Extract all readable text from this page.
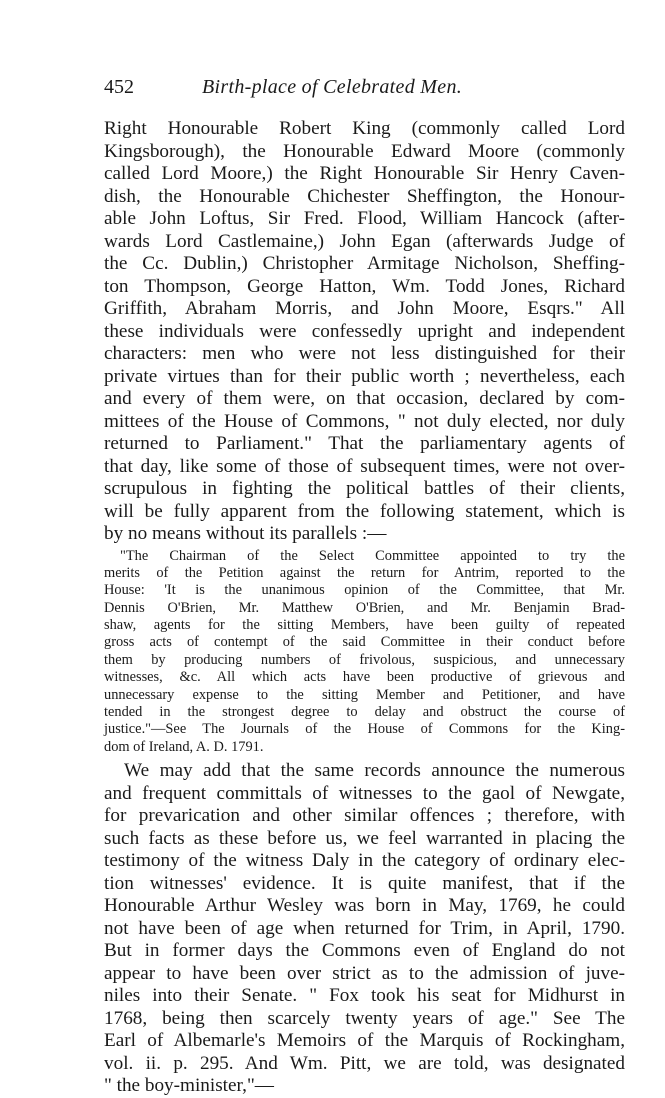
452	Birth-place of Celebrated Men.
Right Honourable Robert King (commonly called Lord
Kingsborough), the Honourable Edward Moore (commonly
called Lord Moore,) the Right Honourable Sir Henry Caven-
dish, the Honourable Chichester Sheffington, the Honour-
able John Loftus, Sir Fred. Flood, William Hancock (after-
wards Lord Castlemaine,) John Egan (afterwards Judge of
the Cc. Dublin,) Christopher Armitage Nicholson, Sheffing-
ton Thompson, George Hatton, Wm. Todd Jones, Richard
Griffith, Abraham Morris, and John Moore, Esqrs." All
these individuals were confessedly upright and independent
characters: men who were not less distinguished for their
private virtues than for their public worth ; nevertheless, each
and every of them were, on that occasion, declared by com-
mittees of the House of Commons, " not duly elected, nor duly
returned to Parliament." That the parliamentary agents of
that day, like some of those of subsequent times, were not over-
scrupulous in fighting the political battles of their clients,
will be fully apparent from the following statement, which is
by no means without its parallels :—
"The Chairman of the Select Committee appointed to try the
merits of the Petition against the return for Antrim, reported to the
House: 'It is the unanimous opinion of the Committee, that Mr.
Dennis O'Brien, Mr. Matthew O'Brien, and Mr. Benjamin Brad-
shaw, agents for the sitting Members, have been guilty of repeated
gross acts of contempt of the said Committee in their conduct before
them by producing numbers of frivolous, suspicious, and unnecessary
witnesses, &c. All which acts have been productive of grievous and
unnecessary expense to the sitting Member and Petitioner, and have
tended in the strongest degree to delay and obstruct the course of
justice."—See The Journals of the House of Commons for the King-
dom of Ireland, A. D. 1791.
We may add that the same records announce the numerous
and frequent committals of witnesses to the gaol of Newgate,
for prevarication and other similar offences ; therefore, with
such facts as these before us, we feel warranted in placing the
testimony of the witness Daly in the category of ordinary elec-
tion witnesses' evidence. It is quite manifest, that if the
Honourable Arthur Wesley was born in May, 1769, he could
not have been of age when returned for Trim, in April, 1790.
But in former days the Commons even of England do not
appear to have been over strict as to the admission of juve-
niles into their Senate. " Fox took his seat for Midhurst in
1768, being then scarcely twenty years of age." See The
Earl of Albemarle's Memoirs of the Marquis of Rockingham,
vol. ii. p. 295. And Wm. Pitt, we are told, was designated
" the boy-minister,"—
